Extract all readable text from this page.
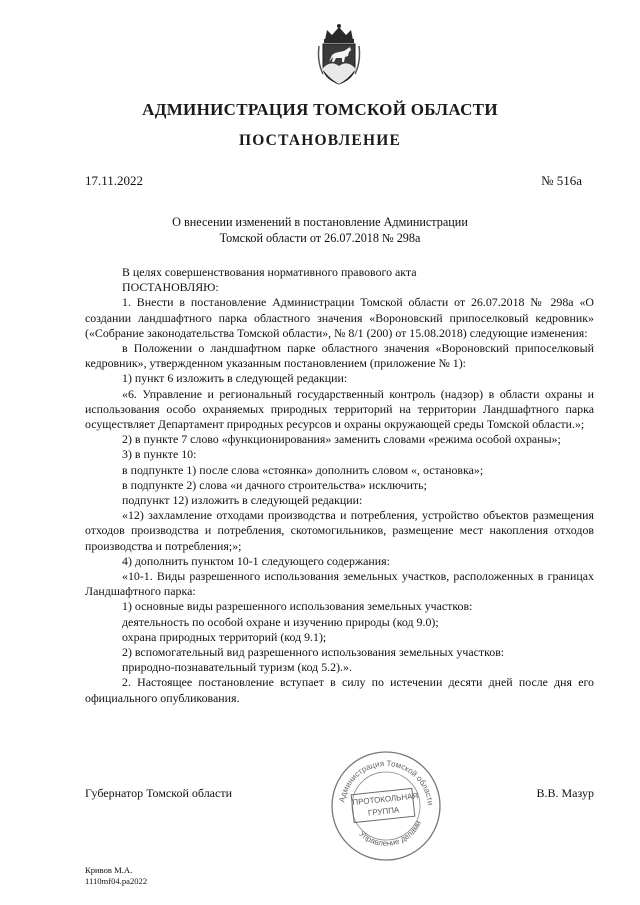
АДМИНИСТРАЦИЯ ТОМСКОЙ ОБЛАСТИ
ПОСТАНОВЛЕНИЕ
17.11.2022	№ 516а
О внесении изменений в постановление Администрации
Томской области от 26.07.2018 № 298а

В целях совершенствования нормативного правового акта

ПОСТАНОВЛЯЮ:

1. Внести в постановление Администрации Томской области от 26.07.2018 № 298а «О создании ландшафтного парка областного значения «Вороновский припоселковый кедровник» («Собрание законодательства Томской области», № 8/1 (200) от 15.08.2018) следующие изменения:

в Положении о ландшафтном парке областного значения «Вороновский припоселковый кедровник», утвержденном указанным постановлением (приложение № 1):

1) пункт 6 изложить в следующей редакции:

«6. Управление и региональный государственный контроль (надзор) в области охраны и использования особо охраняемых природных территорий на территории Ландшафтного парка осуществляет Департамент природных ресурсов и охраны окружающей среды Томской области.»;

2) в пункте 7 слово «функционирования» заменить словами «режима особой охраны»;

3) в пункте 10:

в подпункте 1) после слова «стоянка» дополнить словом «, остановка»;

в подпункте 2) слова «и дачного строительства» исключить;

подпункт 12) изложить в следующей редакции:

«12) захламление отходами производства и потребления, устройство объектов размещения отходов производства и потребления, скотомогильников, размещение мест накопления отходов производства и потребления;»;

4) дополнить пунктом 10-1 следующего содержания:

«10-1. Виды разрешенного использования земельных участков, расположенных в границах Ландшафтного парка:

1) основные виды разрешенного использования земельных участков:

деятельность по особой охране и изучению природы (код 9.0);

охрана природных территорий (код 9.1);

2) вспомогательный вид разрешенного использования земельных участков:

природно-познавательный туризм (код 5.2).».

2. Настоящее постановление вступает в силу по истечении десяти дней после дня его официального опубликования.

Губернатор Томской области	В.В. Мазур
Администрация Томской области
Управление делами
ПРОТОКОЛЬНАЯ
ГРУППА
Кривов М.А.
1110mf04.pa2022
